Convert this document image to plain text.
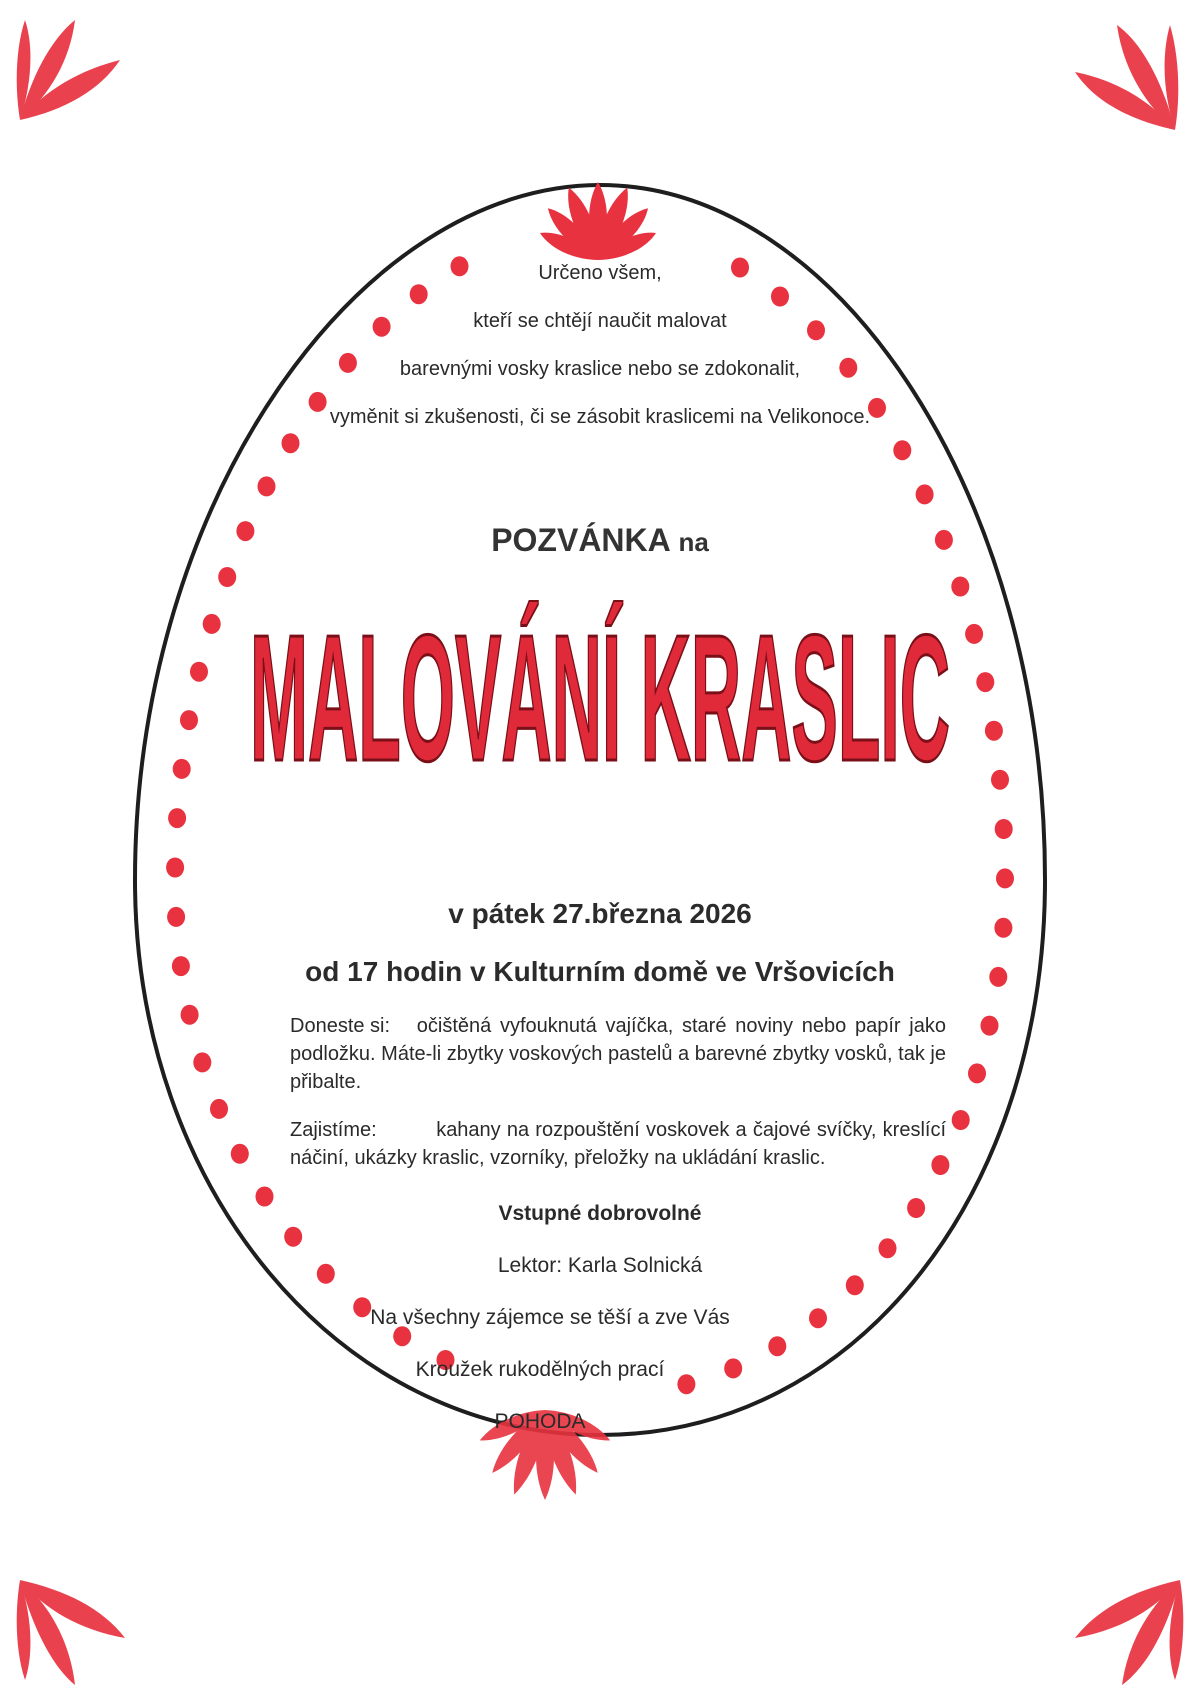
Určeno všem,

kteří se chtějí naučit malovat

barevnými vosky kraslice nebo se zdokonalit,

vyměnit si zkušenosti, či se zásobit kraslicemi na Velikonoce.

POZVÁNKA na

MALOVÁNÍ KRASLIC

v pátek 27.března 2026

od 17 hodin v Kulturním domě ve Vršovicích

Doneste si: očištěná vyfouknutá vajíčka, staré noviny nebo papír jako podložku. Máte-li zbytky voskových pastelů a barevné zbytky vosků, tak je přibalte.

Zajistíme:	kahany na rozpouštění voskovek a čajové svíčky, kreslící náčiní, ukázky kraslic, vzorníky, přeložky na ukládání kraslic.

Vstupné dobrovolné

Lektor: Karla Solnická

Na všechny zájemce se těší a zve Vás

Kroužek rukodělných prací

POHODA
